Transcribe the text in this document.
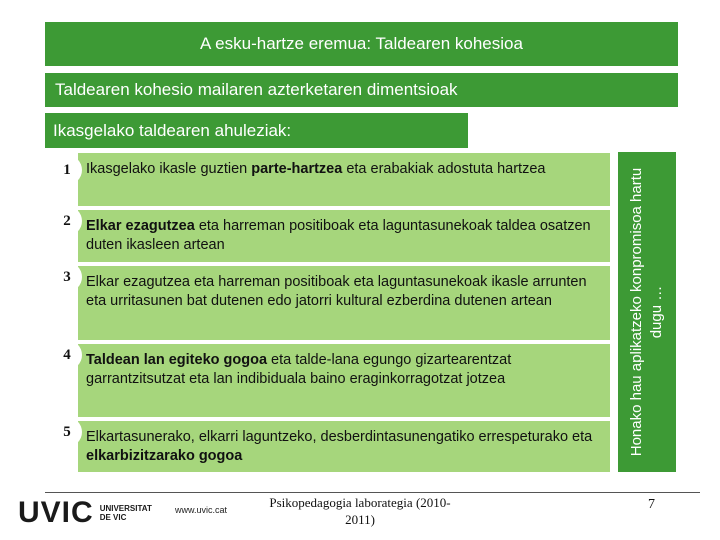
A esku-hartze eremua: Taldearen kohesioa
Taldearen kohesio mailaren azterketaren dimentsioak
Ikasgelako taldearen ahuleziak:
Ikasgelako ikasle guztien parte-hartzea eta erabakiak adostuta hartzea
1
Elkar ezagutzea eta harreman positiboak eta laguntasunekoak taldea osatzen duten ikasleen artean
2
Elkar ezagutzea eta harreman positiboak eta laguntasunekoak ikasle arrunten eta urritasunen bat dutenen edo jatorri kultural ezberdina dutenen artean
3
Taldean lan egiteko gogoa eta talde-lana egungo gizartearentzat garrantzitsutzat eta lan indibiduala baino eraginkorragotzat jotzea
4
Elkartasunerako, elkarri laguntzeko, desberdintasunengatiko errespeturako eta elkarbizitzarako gogoa
5	Honako hau aplikatzeko konpromisoa hartu dugu …
UVIC UNIVERSITAT
DE VIC
www.uvic.cat	Psikopedagogia laborategia (2010-2011)
7
